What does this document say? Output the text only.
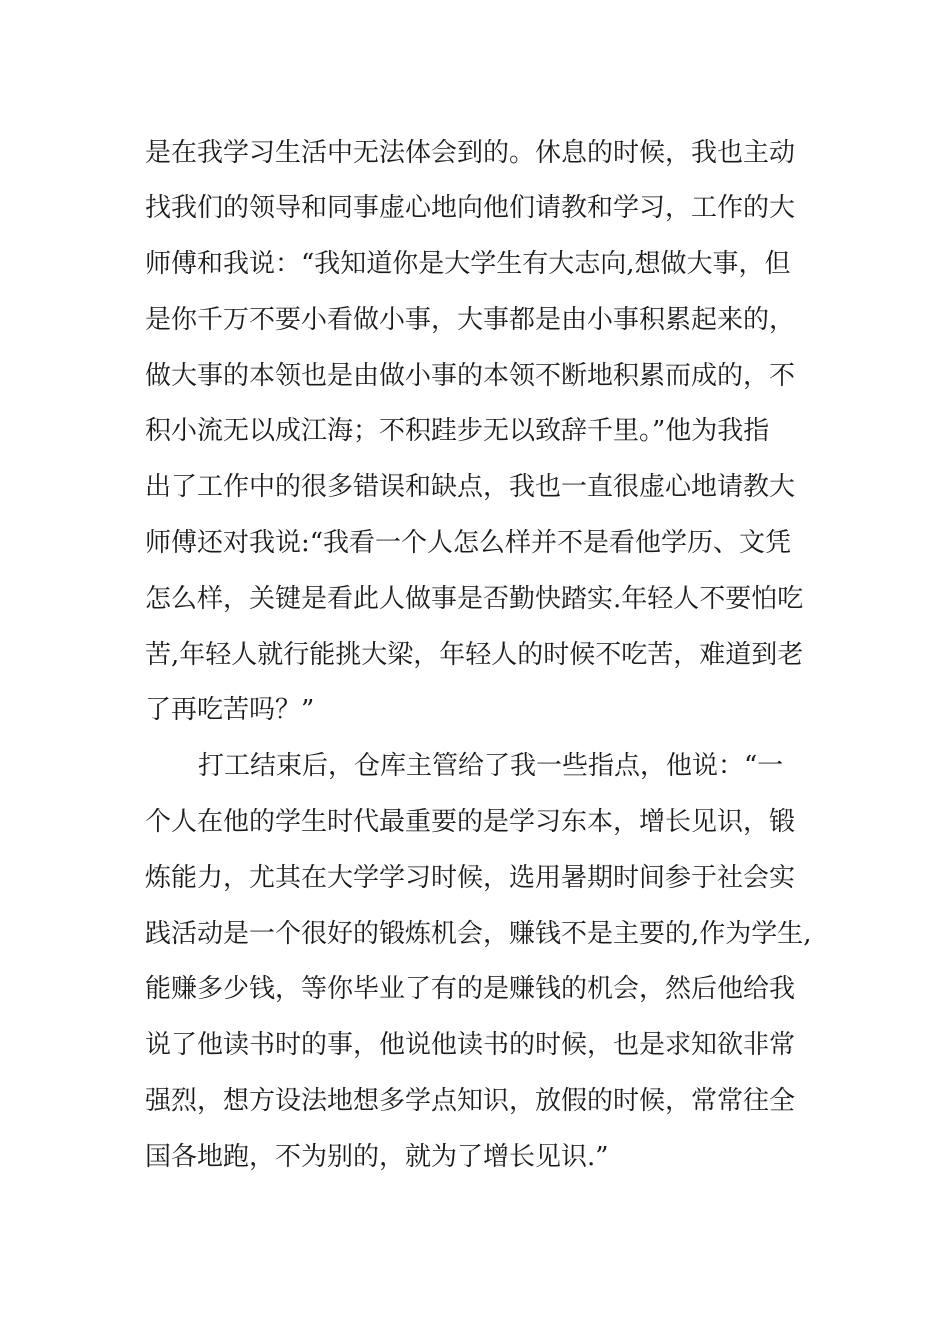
是在我学习生活中无法体会到的。休息的时候，我也主动
找我们的领导和同事虚心地向他们请教和学习，工作的大
师傅和我说：“我知道你是大学生有大志向,想做大事，但
是你千万不要小看做小事，大事都是由小事积累起来的，
做大事的本领也是由做小事的本领不断地积累而成的，不
积小流无以成江海；不积跬步无以致辞千里。”他为我指
出了工作中的很多错误和缺点，我也一直很虚心地请教大
师傅还对我说:“我看一个人怎么样并不是看他学历、文凭
怎么样，关键是看此人做事是否勤快踏实.年轻人不要怕吃
苦,年轻人就行能挑大梁，年轻人的时候不吃苦，难道到老
了再吃苦吗？”
打工结束后，仓库主管给了我一些指点，他说：“一
个人在他的学生时代最重要的是学习东本，增长见识，锻
炼能力，尤其在大学学习时候，选用暑期时间参于社会实
践活动是一个很好的锻炼机会，赚钱不是主要的,作为学生,
能赚多少钱，等你毕业了有的是赚钱的机会，然后他给我
说了他读书时的事，他说他读书的时候，也是求知欲非常
强烈，想方设法地想多学点知识，放假的时候，常常往全
国各地跑，不为别的，就为了增长见识.”
